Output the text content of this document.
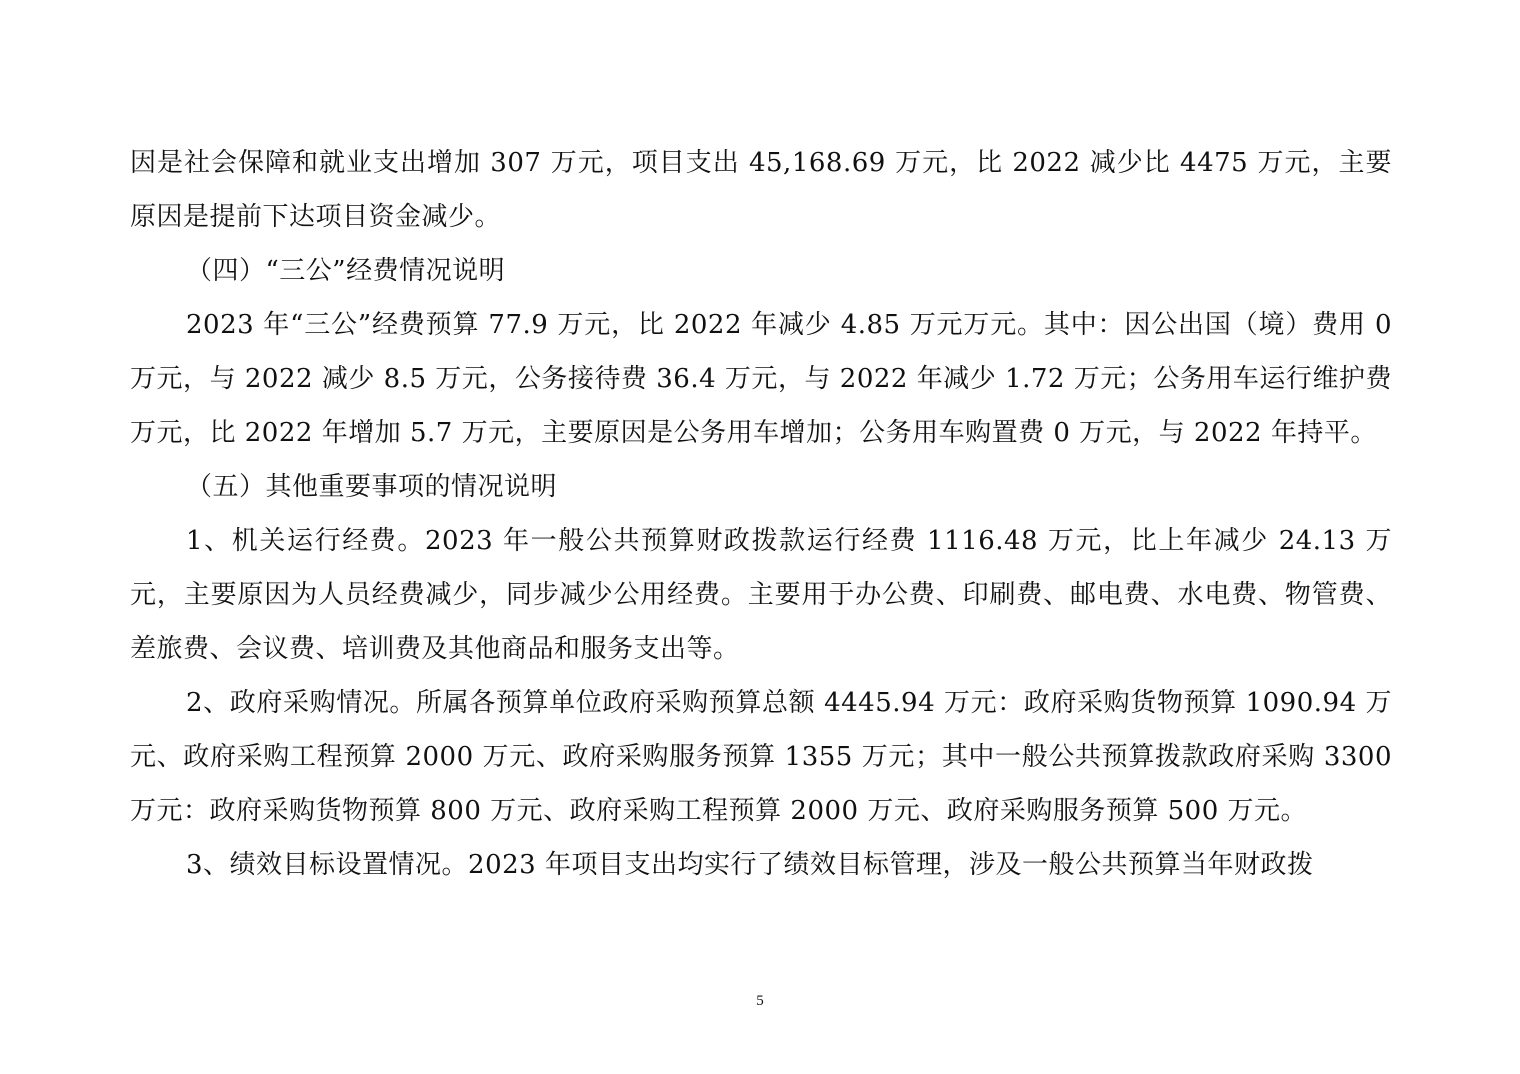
因是社会保障和就业支出增加 307 万元，项目支出 45,168.69 万元，比 2022 减少比 4475 万元，主要原因是提前下达项目资金减少。

（四）“三公”经费情况说明

2023 年“三公”经费预算 77.9 万元，比 2022 年减少 4.85 万元万元。其中：因公出国（境）费用 0 万元，与 2022 减少 8.5 万元，公务接待费 36.4 万元，与 2022 年减少 1.72 万元；公务用车运行维护费万元，比 2022 年增加 5.7 万元，主要原因是公务用车增加；公务用车购置费 0 万元，与 2022 年持平。

（五）其他重要事项的情况说明

1、机关运行经费。2023 年一般公共预算财政拨款运行经费 1116.48 万元，比上年减少 24.13 万元，主要原因为人员经费减少，同步减少公用经费。主要用于办公费、印刷费、邮电费、水电费、物管费、差旅费、会议费、培训费及其他商品和服务支出等。

2、政府采购情况。所属各预算单位政府采购预算总额 4445.94 万元：政府采购货物预算 1090.94 万元、政府采购工程预算 2000 万元、政府采购服务预算 1355 万元；其中一般公共预算拨款政府采购 3300 万元：政府采购货物预算 800 万元、政府采购工程预算 2000 万元、政府采购服务预算 500 万元。

3、绩效目标设置情况。2023 年项目支出均实行了绩效目标管理，涉及一般公共预算当年财政拨

5
